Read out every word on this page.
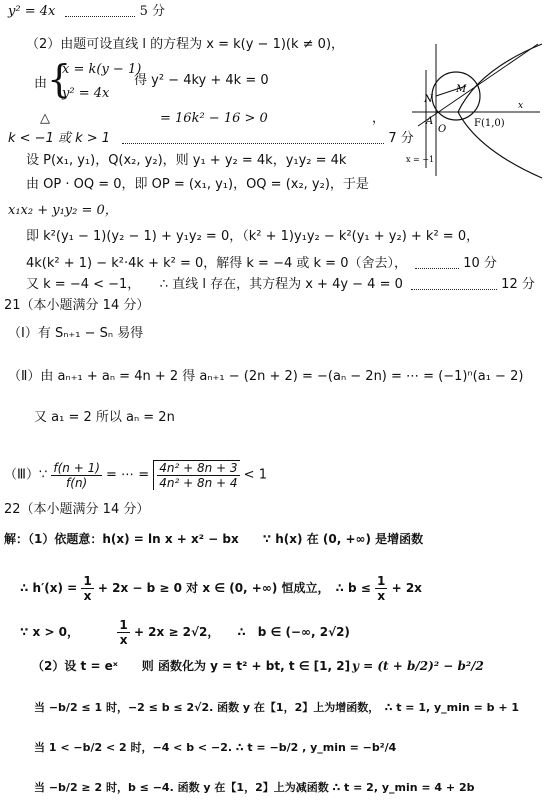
y² = 4x	5 分
（2）由题可设直线 l 的方程为 x = k(y − 1)(k ≠ 0)，
由 {
x = k(y − 1)
y² = 4x
得 y² − 4ky + 4k = 0
△	= 16k² − 16 > 0	，
k < −1 或 k > 1	7 分
设 P(x₁, y₁)，Q(x₂, y₂)，则 y₁ + y₂ = 4k，y₁y₂ = 4k
由 OP · OQ = 0，即 OP = (x₁, y₁)，OQ = (x₂, y₂)，于是
x₁x₂ + y₁y₂ = 0，
即 k²(y₁ − 1)(y₂ − 1) + y₁y₂ = 0，（k² + 1)y₁y₂ − k²(y₁ + y₂) + k² = 0，
4k(k² + 1) − k²·4k + k² = 0，解得 k = −4 或 k = 0（舍去），	10 分
又 k = −4 < −1，　　∴ 直线 l 存在，其方程为 x + 4y − 4 = 0	12 分
21（本小题满分 14 分）
（Ⅰ）有 Sₙ₊₁ − Sₙ 易得
（Ⅱ）由 aₙ₊₁ + aₙ = 4n + 2 得 aₙ₊₁ − (2n + 2) = −(aₙ − 2n) = ⋯ = (−1)ⁿ(a₁ − 2)
又 a₁ = 2 所以 aₙ = 2n
（Ⅲ）∵ $\frac{f(n + 1)}{f(n)}$ = ⋯ = $\frac{\text{4n² + 8n + 3}}{\text{4n² + 8n + 4}} < 1$
22（本小题满分 14 分）
解：（1）依题意：h(x) = ln x + x² − bx　　∵ h(x) 在 (0, +∞) 是增函数
∴ $h'(x) = \frac{1}{x} + 2x - b \ge 0$ 对 x ∈ (0, +∞) 恒成立，　∴ $b \le \frac{1}{x} + 2x$
∵ x > 0，	$\frac{1}{x} + 2x \ge 2√2$，　　∴　b ∈ (−∞, 2√2)
（2）设 t = eˣ　　则 函数化为 y = t² + bt, t ∈ [1, 2] y = (t + b/2)² − b²/2
当 −b/2 ≤ 1 时，−2 ≤ b ≤ 2√2. 函数 y 在【1，2】上为增函数，　∴ t = 1, y_min = b + 1
当 1 < −b/2 < 2 时，−4 < b < −2. ∴ t = −b/2 , y_min = −b²/4
当 −b/2 ≥ 2 时，b ≤ −4. 函数 y 在【1，2】上为减函数 ∴ t = 2, y_min = 4 + 2b
N
M
A
O
F(1,0)
x
x = −1
